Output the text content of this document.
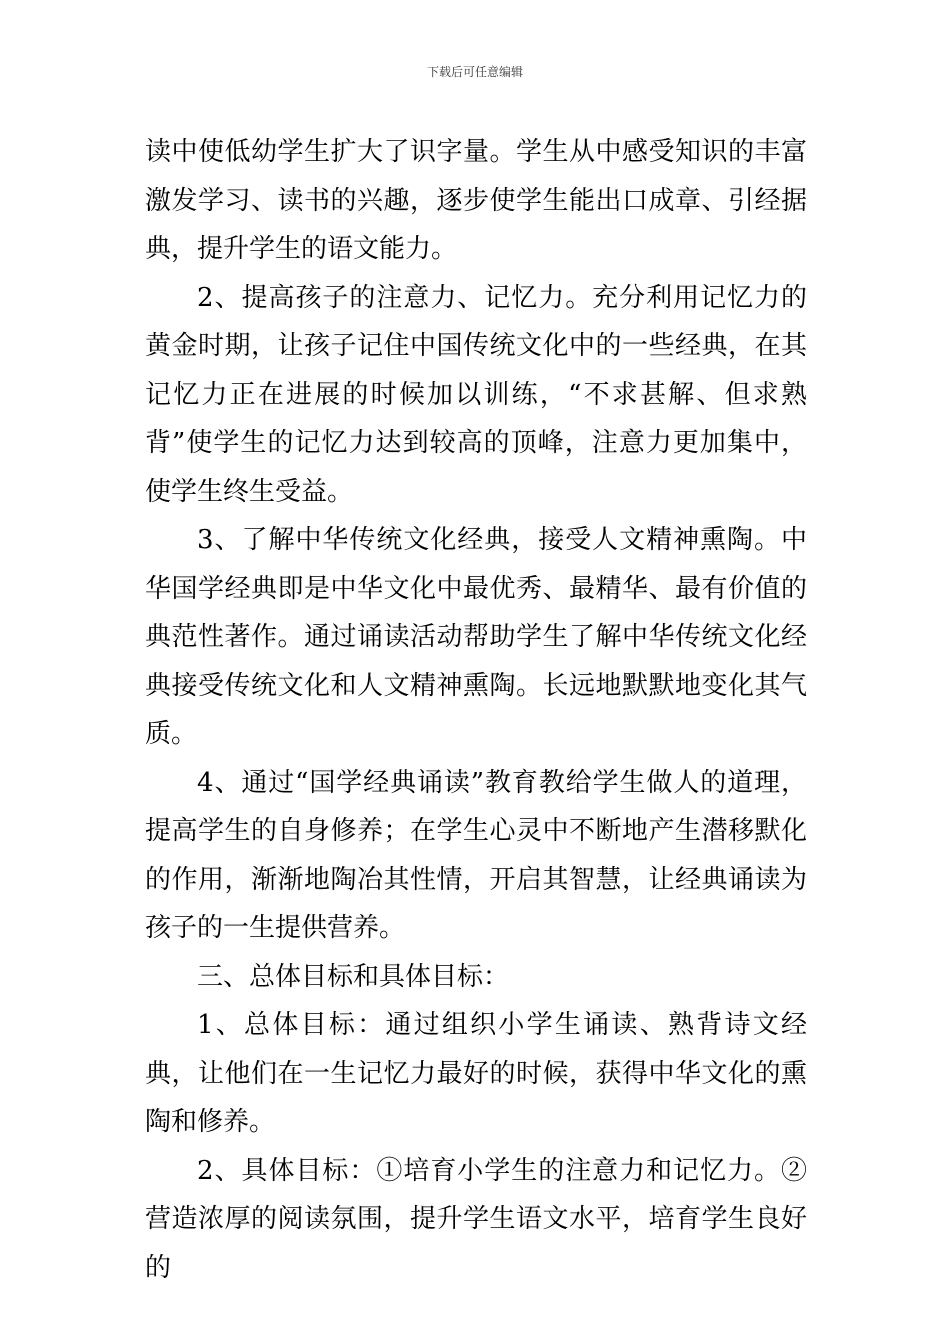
下载后可任意编辑

读中使低幼学生扩大了识字量。学生从中感受知识的丰富激发学习、读书的兴趣，逐步使学生能出口成章、引经据典，提升学生的语文能力。

2、提高孩子的注意力、记忆力。充分利用记忆力的黄金时期，让孩子记住中国传统文化中的一些经典，在其记忆力正在进展的时候加以训练，“不求甚解、但求熟背”使学生的记忆力达到较高的顶峰，注意力更加集中，使学生终生受益。

3、了解中华传统文化经典，接受人文精神熏陶。中华国学经典即是中华文化中最优秀、最精华、最有价值的典范性著作。通过诵读活动帮助学生了解中华传统文化经典接受传统文化和人文精神熏陶。长远地默默地变化其气质。

4、通过“国学经典诵读”教育教给学生做人的道理，提高学生的自身修养；在学生心灵中不断地产生潜移默化的作用，渐渐地陶冶其性情，开启其智慧，让经典诵读为孩子的一生提供营养。

三、总体目标和具体目标：

1、总体目标：通过组织小学生诵读、熟背诗文经典，让他们在一生记忆力最好的时候，获得中华文化的熏陶和修养。

2、具体目标：①培育小学生的注意力和记忆力。②营造浓厚的阅读氛围，提升学生语文水平，培育学生良好的
